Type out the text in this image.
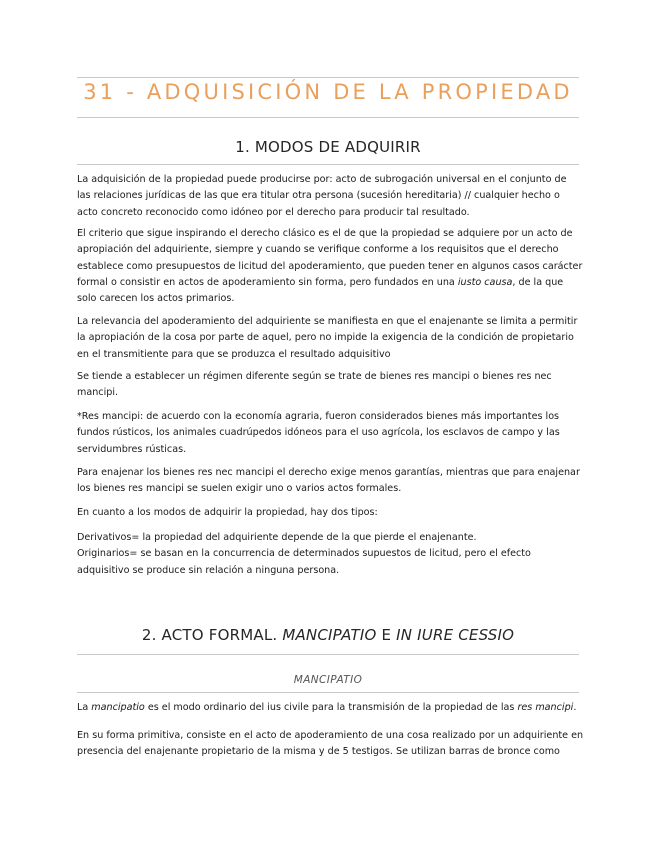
31 - ADQUISICIÓN DE LA PROPIEDAD
1. MODOS DE ADQUIRIR
La adquisición de la propiedad puede producirse por: acto de subrogación universal en el conjunto de
las relaciones jurídicas de las que era titular otra persona (sucesión hereditaria) // cualquier hecho o
acto concreto reconocido como idóneo por el derecho para producir tal resultado.
El criterio que sigue inspirando el derecho clásico es el de que la propiedad se adquiere por un acto de
apropiación del adquiriente, siempre y cuando se verifique conforme a los requisitos que el derecho
establece como presupuestos de licitud del apoderamiento, que pueden tener en algunos casos carácter
formal o consistir en actos de apoderamiento sin forma, pero fundados en una iusto causa, de la que
solo carecen los actos primarios.
La relevancia del apoderamiento del adquiriente se manifiesta en que el enajenante se limita a permitir
la apropiación de la cosa por parte de aquel, pero no impide la exigencia de la condición de propietario
en el transmitiente para que se produzca el resultado adquisitivo
Se tiende a establecer un régimen diferente según se trate de bienes res mancipi o bienes res nec
mancipi.
*Res mancipi: de acuerdo con la economía agraria, fueron considerados bienes más importantes los
fundos rústicos, los animales cuadrúpedos idóneos para el uso agrícola, los esclavos de campo y las
servidumbres rústicas.
Para enajenar los bienes res nec mancipi el derecho exige menos garantías, mientras que para enajenar
los bienes res mancipi se suelen exigir uno o varios actos formales.
En cuanto a los modos de adquirir la propiedad, hay dos tipos:
Derivativos= la propiedad del adquiriente depende de la que pierde el enajenante.
Originarios= se basan en la concurrencia de determinados supuestos de licitud, pero el efecto
adquisitivo se produce sin relación a ninguna persona.
2. ACTO FORMAL. MANCIPATIO E IN IURE CESSIO
MANCIPATIO
La mancipatio es el modo ordinario del ius civile para la transmisión de la propiedad de las res mancipi.
En su forma primitiva, consiste en el acto de apoderamiento de una cosa realizado por un adquiriente en
presencia del enajenante propietario de la misma y de 5 testigos. Se utilizan barras de bronce como
